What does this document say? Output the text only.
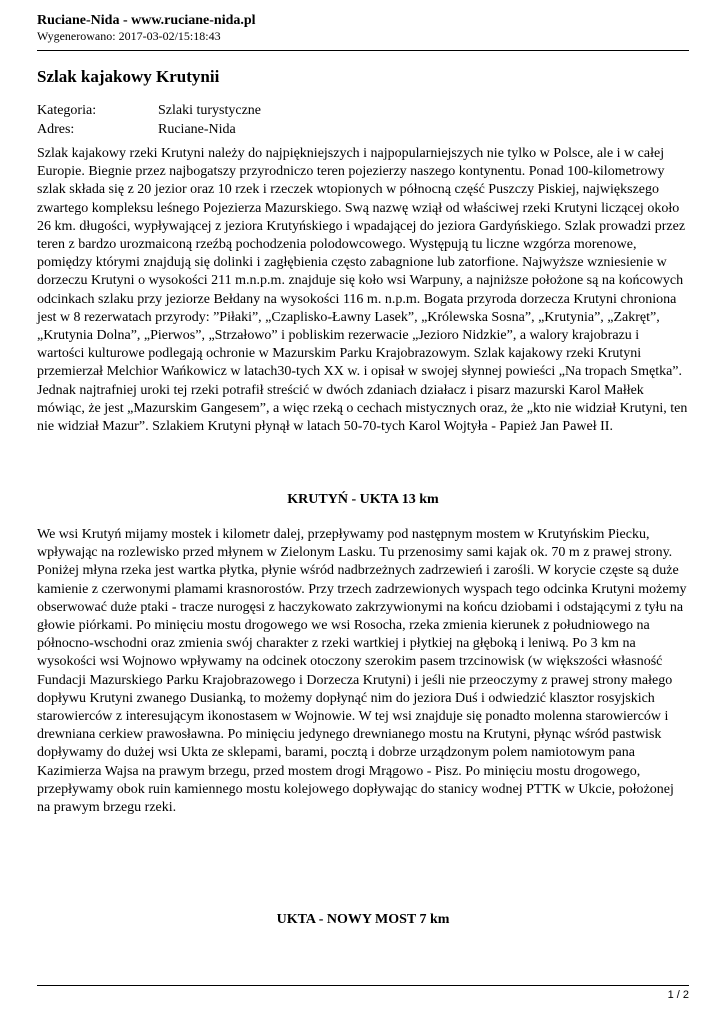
Ruciane-Nida - www.ruciane-nida.pl
Wygenerowano: 2017-03-02/15:18:43
Szlak kajakowy Krutynii
Kategoria:	Szlaki turystyczne
Adres:	Ruciane-Nida

Szlak kajakowy rzeki Krutyni należy do najpiękniejszych i najpopularniejszych nie tylko w Polsce, ale i w całej Europie. Biegnie przez najbogatszy przyrodniczo teren pojezierzy naszego kontynentu. Ponad 100-kilometrowy szlak składa się z 20 jezior oraz 10 rzek i rzeczek wtopionych w północną część Puszczy Piskiej, największego zwartego kompleksu leśnego Pojezierza Mazurskiego. Swą nazwę wziął od właściwej rzeki Krutyni liczącej około 26 km. długości, wypływającej z jeziora Krutyńskiego i wpadającej do jeziora Gardyńskiego. Szlak prowadzi przez teren z bardzo urozmaiconą rzeźbą pochodzenia polodowcowego. Występują tu liczne wzgórza morenowe, pomiędzy którymi znajdują się dolinki i zagłębienia często zabagnione lub zatorfione. Najwyższe wzniesienie w dorzeczu Krutyni o wysokości 211 m.n.p.m. znajduje się koło wsi Warpuny, a najniższe położone są na końcowych odcinkach szlaku przy jeziorze Bełdany na wysokości 116 m. n.p.m. Bogata przyroda dorzecza Krutyni chroniona jest w 8 rezerwatach przyrody: ”Piłaki”, „Czaplisko-Ławny Lasek”, „Królewska Sosna”, „Krutynia”, „Zakręt”, „Krutynia Dolna”, „Pierwos”, „Strzałowo” i pobliskim rezerwacie „Jezioro Nidzkie”, a walory krajobrazu i wartości kulturowe podlegają ochronie w Mazurskim Parku Krajobrazowym. Szlak kajakowy rzeki Krutyni przemierzał Melchior Wańkowicz w latach30-tych XX w. i opisał w swojej słynnej powieści „Na tropach Smętka”. Jednak najtrafniej uroki tej rzeki potrafił streścić w dwóch zdaniach działacz i pisarz mazurski Karol Małłek mówiąc, że jest „Mazurskim Gangesem”, a więc rzeką o cechach mistycznych oraz, że „kto nie widział Krutyni, ten nie widział Mazur”. Szlakiem Krutyni płynął w latach 50-70-tych Karol Wojtyła - Papież Jan Paweł II.

KRUTYŃ - UKTA 13 km

We wsi Krutyń mijamy mostek i kilometr dalej, przepływamy pod następnym mostem w Krutyńskim Piecku, wpływając na rozlewisko przed młynem w Zielonym Lasku. Tu przenosimy sami kajak ok. 70 m z prawej strony. Poniżej młyna rzeka jest wartka płytka, płynie wśród nadbrzeżnych zadrzewień i zarośli. W korycie częste są duże kamienie z czerwonymi plamami krasnorostów. Przy trzech zadrzewionych wyspach tego odcinka Krutyni możemy obserwować duże ptaki - tracze nurogęsi z haczykowato zakrzywionymi na końcu dziobami i odstającymi z tyłu na głowie piórkami. Po minięciu mostu drogowego we wsi Rosocha, rzeka zmienia kierunek z południowego na północno-wschodni oraz zmienia swój charakter z rzeki wartkiej i płytkiej na głęboką i leniwą. Po 3 km na wysokości wsi Wojnowo wpływamy na odcinek otoczony szerokim pasem trzcinowisk (w większości własność Fundacji Mazurskiego Parku Krajobrazowego i Dorzecza Krutyni) i jeśli nie przeoczymy z prawej strony małego dopływu Krutyni zwanego Dusianką, to możemy dopłynąć nim do jeziora Duś i odwiedzić klasztor rosyjskich starowierców z interesującym ikonostasem w Wojnowie. W tej wsi znajduje się ponadto molenna starowierców i drewniana cerkiew prawosławna. Po minięciu jedynego drewnianego mostu na Krutyni, płynąc wśród pastwisk dopływamy do dużej wsi Ukta ze sklepami, barami, pocztą i dobrze urządzonym polem namiotowym pana Kazimierza Wajsa na prawym brzegu, przed mostem drogi Mrągowo - Pisz. Po minięciu mostu drogowego, przepływamy obok ruin kamiennego mostu kolejowego dopływając do stanicy wodnej PTTK w Ukcie, położonej na prawym brzegu rzeki.

UKTA - NOWY MOST 7 km
1 / 2
